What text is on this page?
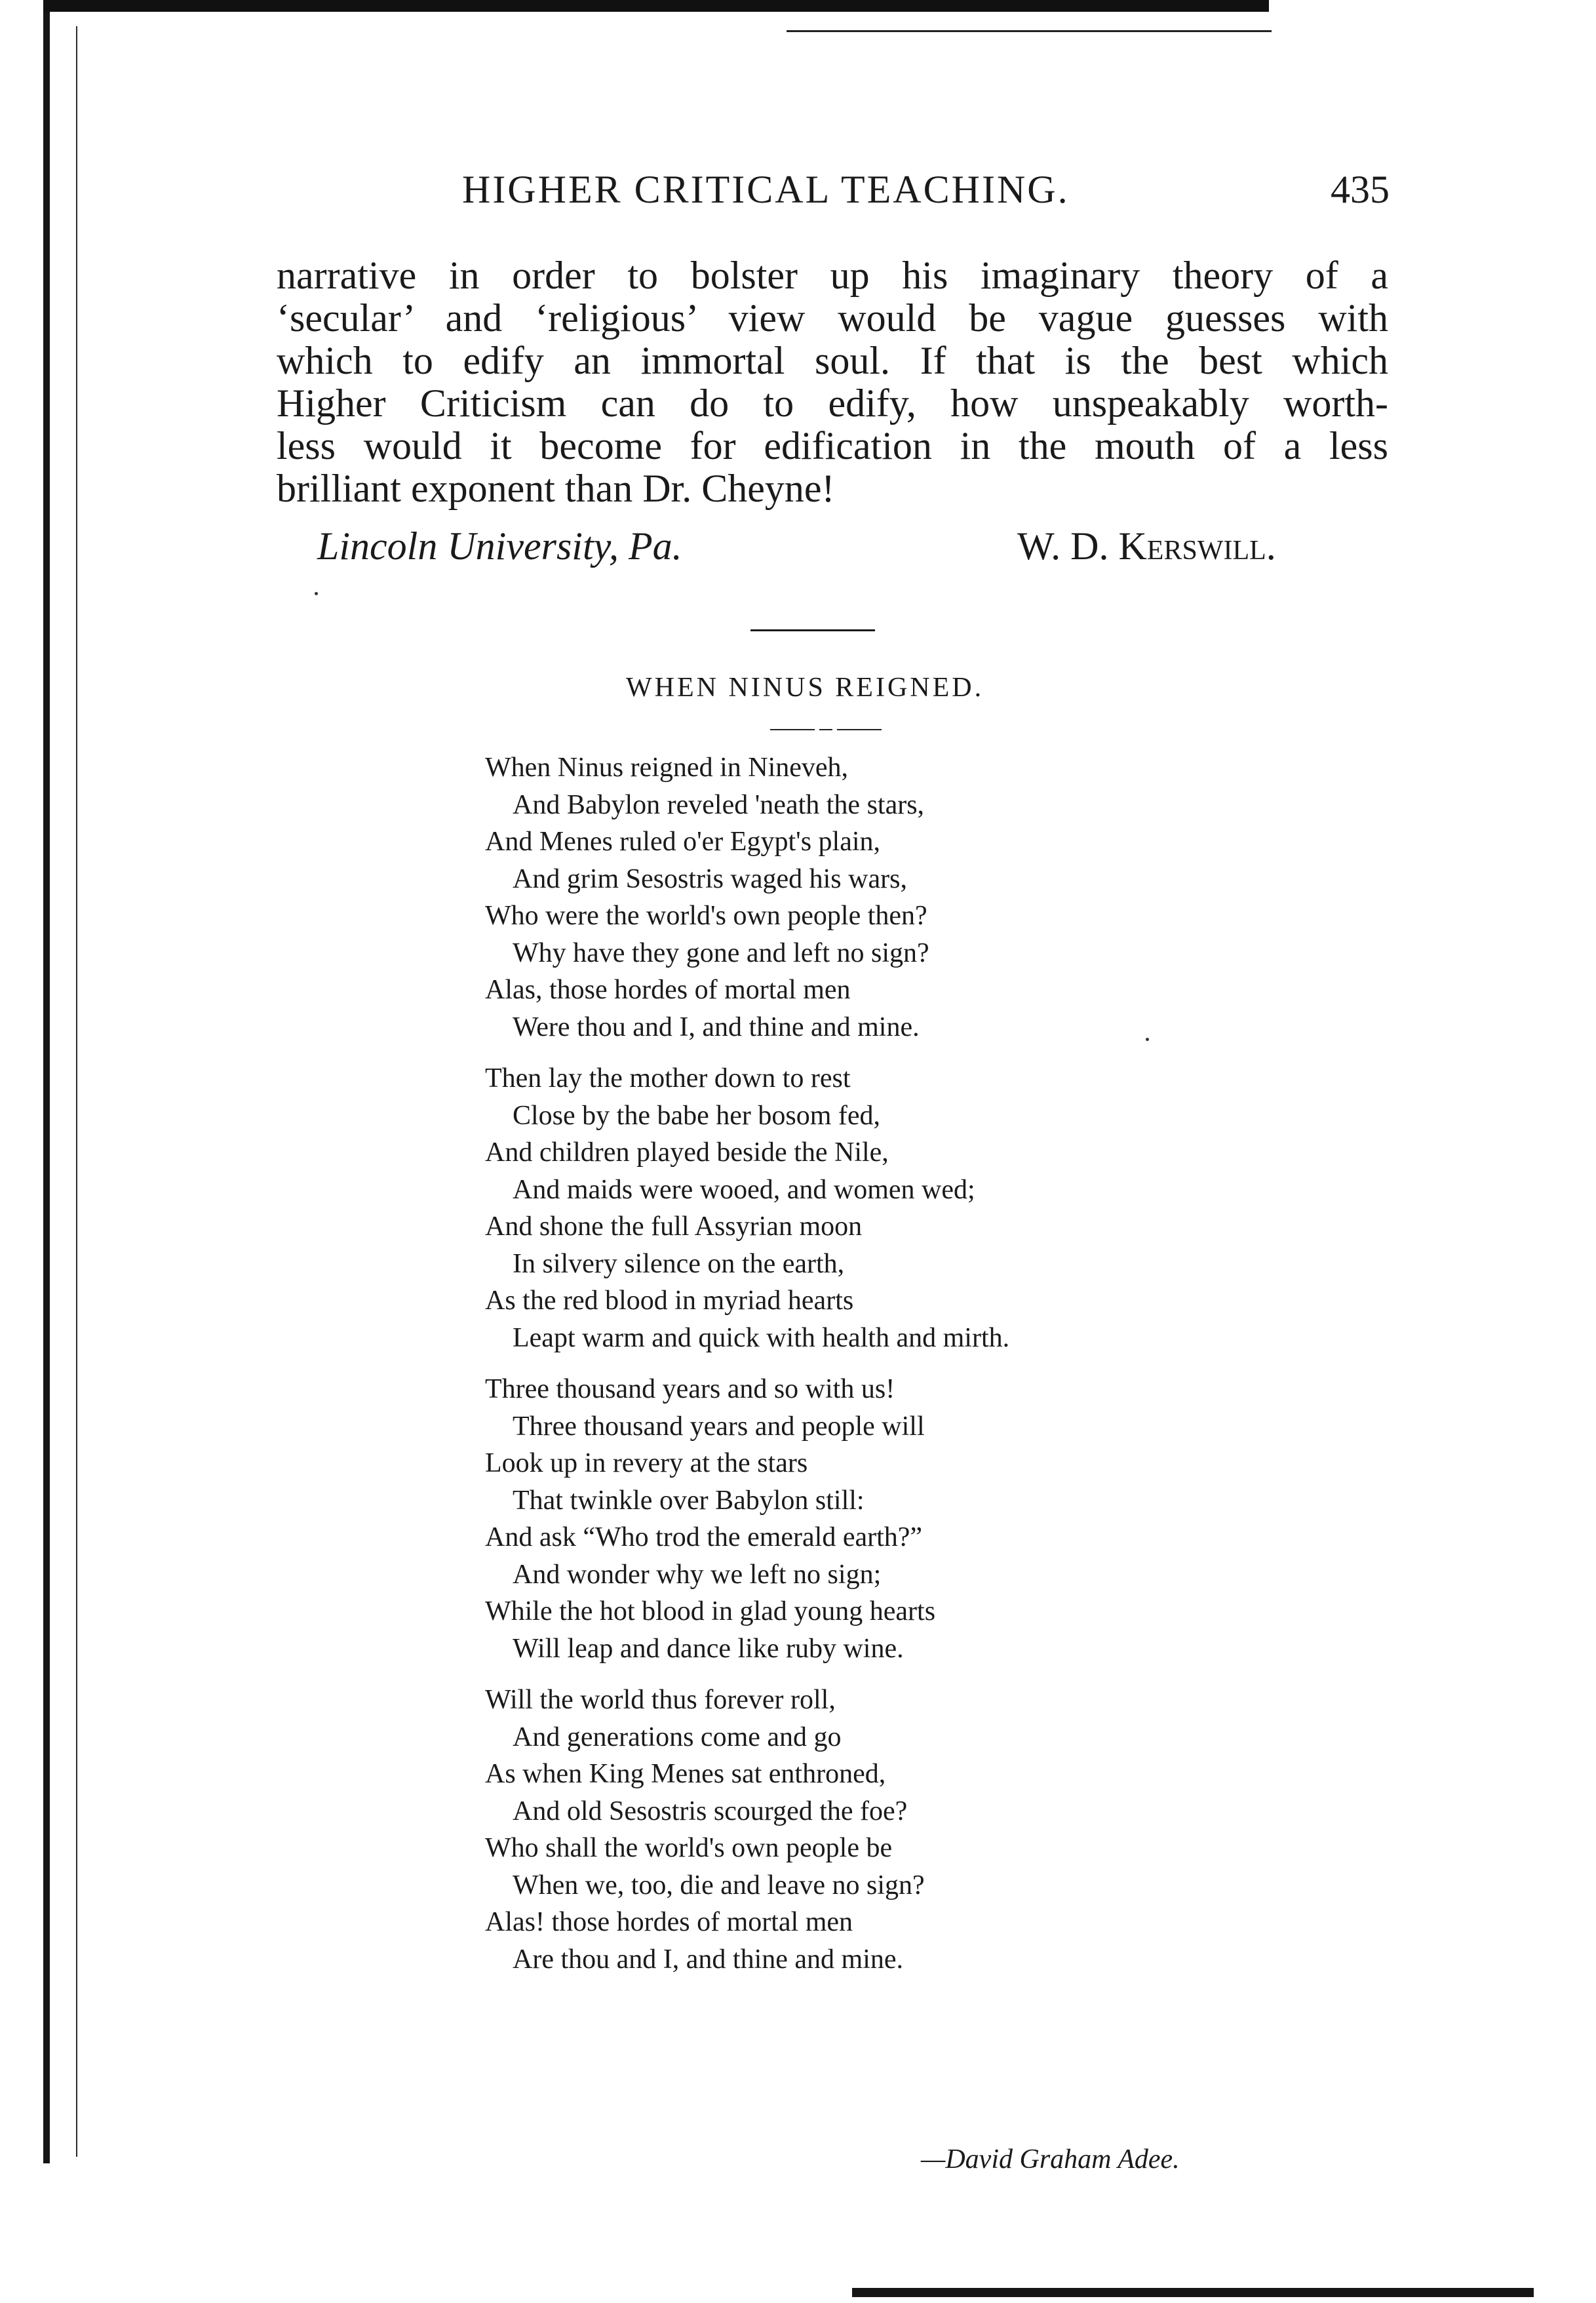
HIGHER CRITICAL TEACHING.	435
narrative in order to bolster up his imaginary theory of a
‘secular’ and ‘religious’ view would be vague guesses with
which to edify an immortal soul. If that is the best which
Higher Criticism can do to edify, how unspeakably worth-
less would it become for edification in the mouth of a less
brilliant exponent than Dr. Cheyne!
Lincoln University, Pa.	W. D. Kerswill.
WHEN NINUS REIGNED.
When Ninus reigned in Nineveh,
And Babylon reveled 'neath the stars,
And Menes ruled o'er Egypt's plain,
And grim Sesostris waged his wars,
Who were the world's own people then?
Why have they gone and left no sign?
Alas, those hordes of mortal men
Were thou and I, and thine and mine.
Then lay the mother down to rest
Close by the babe her bosom fed,
And children played beside the Nile,
And maids were wooed, and women wed;
And shone the full Assyrian moon
In silvery silence on the earth,
As the red blood in myriad hearts
Leapt warm and quick with health and mirth.
Three thousand years and so with us!
Three thousand years and people will
Look up in revery at the stars
That twinkle over Babylon still:
And ask “Who trod the emerald earth?”
And wonder why we left no sign;
While the hot blood in glad young hearts
Will leap and dance like ruby wine.
Will the world thus forever roll,
And generations come and go
As when King Menes sat enthroned,
And old Sesostris scourged the foe?
Who shall the world's own people be
When we, too, die and leave no sign?
Alas! those hordes of mortal men
Are thou and I, and thine and mine.
—David Graham Adee.
